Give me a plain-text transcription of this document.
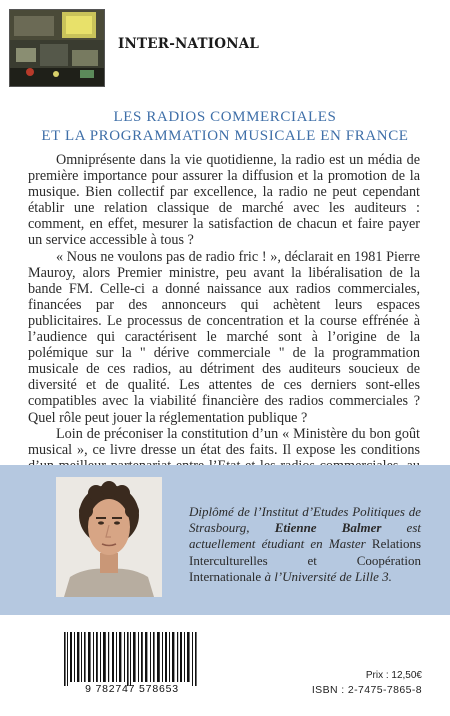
INTER-NATIONAL
LES RADIOS COMMERCIALES
ET LA PROGRAMMATION MUSICALE EN FRANCE

Omniprésente dans la vie quotidienne, la radio est un média de première importance pour assurer la diffusion et la promotion de la musique. Bien collectif par excellence, la radio ne peut cependant établir une relation classique de marché avec les auditeurs : comment, en effet, mesurer la satisfaction de chacun et faire payer un service accessible à tous ?

« Nous ne voulons pas de radio fric ! », déclarait en 1981 Pierre Mauroy, alors Premier ministre, peu avant la libéralisation de la bande FM. Celle-ci a donné naissance aux radios commerciales, financées par des annonceurs qui achètent leurs espaces publicitaires. Le processus de concentration et la course effrénée à l’audience qui caractérisent le marché sont à l’origine de la polémique sur la " dérive commerciale " de la programmation musicale de ces radios, au détriment des auditeurs soucieux de diversité et de qualité. Les attentes de ces derniers sont-elles compatibles avec la viabilité financière des radios commerciales ? Quel rôle peut jouer la réglementation publique ?

Loin de préconiser la constitution d’un « Ministère du bon goût musical », ce livre dresse un état des faits. Il expose les conditions

Diplômé de l’Institut d’Etudes Politiques de Strasbourg, Etienne Balmer est actuellement étudiant en Master Relations Interculturelles et Coopération Internationale à l’Université de Lille 3.
9 782747 578653
Prix : 12,50€
ISBN : 2-7475-7865-8
